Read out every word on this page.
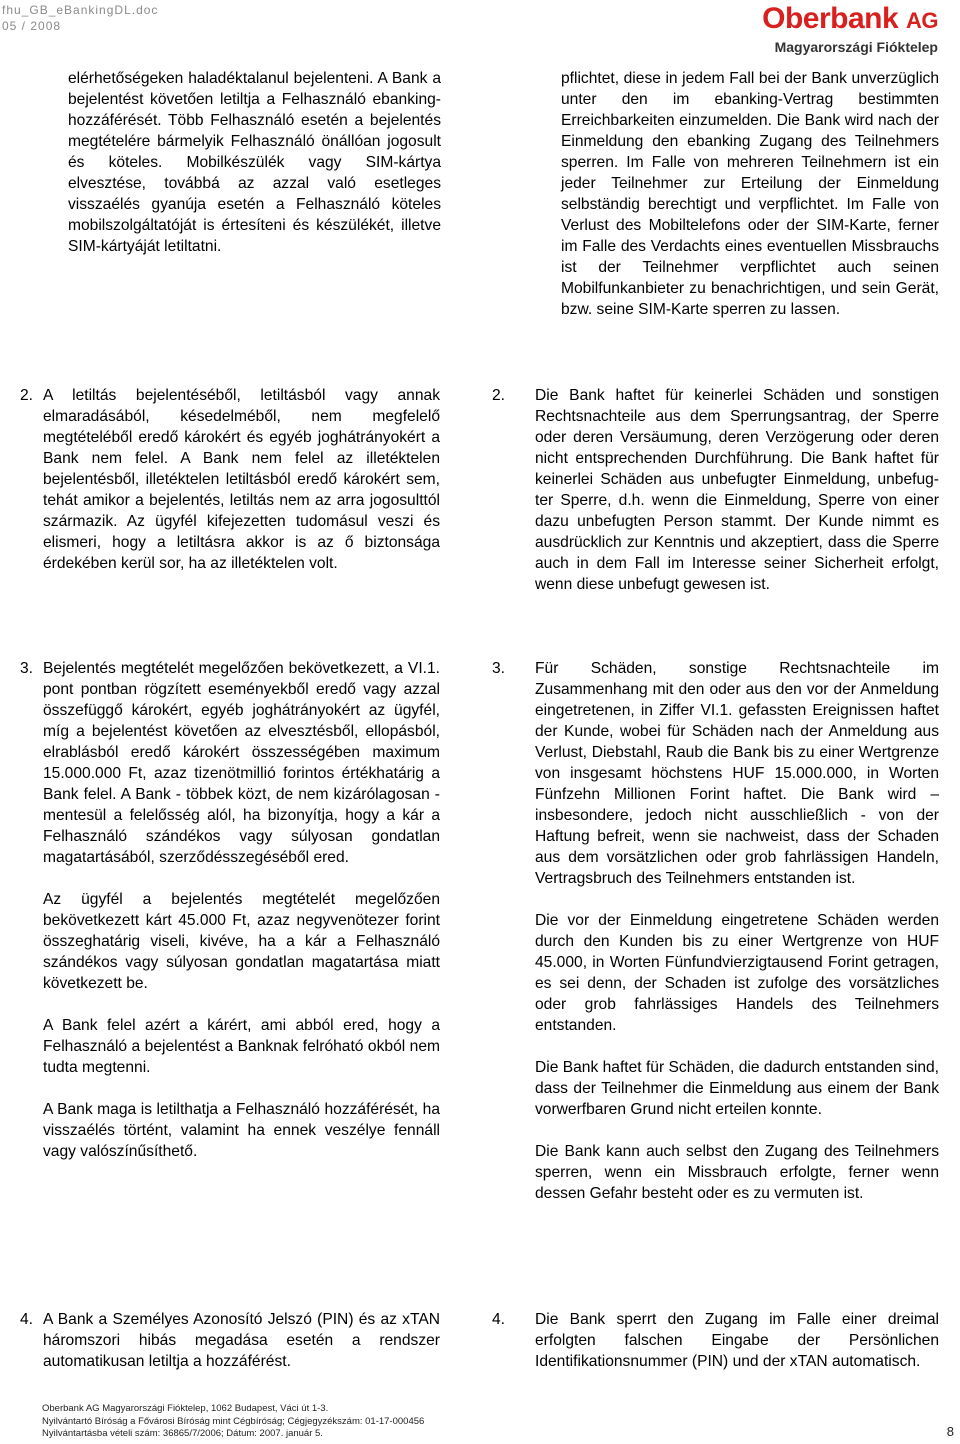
fhu_GB_eBankingDL.doc
05 / 2008	Oberbank AG
Magyarországi Fióktelep

elérhetőségeken haladéktalanul bejelenteni. A Bank a bejelentést követően letiltja a Felhasználó ebanking-hozzáférését. Több Felhasználó esetén a bejelentés megtételére bármelyik Felhasználó önállóan jogosult és köteles. Mobilkészülék vagy SIM-kártya elvesztése, továbbá az azzal való esetleges visszaélés gyanúja esetén a Felhasználó köteles mobilszolgáltatóját is értesíteni és készülékét, illetve SIM-kártyáját letiltatni.

pflichtet, diese in jedem Fall bei der Bank unverzüglich unter den im ebanking-Vertrag bestimmten Erreichbarkeiten einzumelden. Die Bank wird nach der Einmeldung den ebanking Zugang des Teilnehmers sperren. Im Falle von mehreren Teilnehmern ist ein jeder Teilnehmer zur Erteilung der Einmeldung selbständig berechtigt und verpflichtet. Im Falle von Verlust des Mobiltelefons oder der SIM-Karte, ferner im Falle des Verdachts eines eventuellen Missbrauchs ist der Teilnehmer verpflichtet auch seinen Mobilfunkanbieter zu benachrichtigen, und sein Gerät, bzw. seine SIM-Karte sperren zu lassen.

2. A letiltás bejelentéséből, letiltásból vagy annak elmaradásából, késedelméből, nem megfelelő megtételéből eredő károkért és egyéb joghátrányokért a Bank nem felel. A Bank nem felel az illetéktelen bejelentésből, illetéktelen letiltásból eredő károkért sem, tehát amikor a bejelentés, letiltás nem az arra jogosulttól származik. Az ügyfél kifejezetten tudomásul veszi és elismeri, hogy a letiltásra akkor is az ő biztonsága érdekében kerül sor, ha az illetéktelen volt.

2. Die Bank haftet für keinerlei Schäden und sonstigen Rechtsnachteile aus dem Sperrungsantrag, der Sperre oder deren Versäumung, deren Verzögerung oder deren nicht entsprechenden Durchführung. Die Bank haftet für keinerlei Schäden aus unbefugter Einmeldung, unbefug-ter Sperre, d.h. wenn die Einmeldung, Sperre von einer dazu unbefugten Person stammt. Der Kunde nimmt es ausdrücklich zur Kenntnis und akzeptiert, dass die Sperre auch in dem Fall im Interesse seiner Sicherheit erfolgt, wenn diese unbefugt gewesen ist.

3. Bejelentés megtételét megelőzően bekövetkezett, a VI.1. pont pontban rögzített eseményekből eredő vagy azzal összefüggő károkért, egyéb joghátrányokért az ügyfél, míg a bejelentést követően az elvesztésből, ellopásból, elrablásból eredő károkért összességében maximum 15.000.000 Ft, azaz tizenötmillió forintos értékhatárig a Bank felel. A Bank - többek közt, de nem kizárólagosan - mentesül a felelősség alól, ha bizonyítja, hogy a kár a Felhasználó szándékos vagy súlyosan gondatlan magatartásából, szerződésszegéséből ered.

Az ügyfél a bejelentés megtételét megelőzően bekövetkezett kárt 45.000 Ft, azaz negyvenötezer forint összeghatárig viseli, kivéve, ha a kár a Felhasználó szándékos vagy súlyosan gondatlan magatartása miatt következett be.

A Bank felel azért a kárért, ami abból ered, hogy a Felhasználó a bejelentést a Banknak felróható okból nem tudta megtenni.

A Bank maga is letilthatja a Felhasználó hozzáférését, ha visszaélés történt, valamint ha ennek veszélye fennáll vagy valószínűsíthető.

3. Für Schäden, sonstige Rechtsnachteile im Zusammenhang mit den oder aus den vor der Anmeldung eingetretenen, in Ziffer VI.1. gefassten Ereignissen haftet der Kunde, wobei für Schäden nach der Anmeldung aus Verlust, Diebstahl, Raub die Bank bis zu einer Wertgrenze von insgesamt höchstens HUF 15.000.000, in Worten Fünfzehn Millionen Forint haftet. Die Bank wird – insbesondere, jedoch nicht ausschließlich - von der Haftung befreit, wenn sie nachweist, dass der Schaden aus dem vorsätzlichen oder grob fahrlässigen Handeln, Vertragsbruch des Teilnehmers entstanden ist.

Die vor der Einmeldung eingetretene Schäden werden durch den Kunden bis zu einer Wertgrenze von HUF 45.000, in Worten Fünfundvierzigtausend Forint getragen, es sei denn, der Schaden ist zufolge des vorsätzliches oder grob fahrlässiges Handels des Teilnehmers entstanden.

Die Bank haftet für Schäden, die dadurch entstanden sind, dass der Teilnehmer die Einmeldung aus einem der Bank vorwerfbaren Grund nicht erteilen konnte.

Die Bank kann auch selbst den Zugang des Teilnehmers sperren, wenn ein Missbrauch erfolgte, ferner wenn dessen Gefahr besteht oder es zu vermuten ist.

4. A Bank a Személyes Azonosító Jelszó (PIN) és az xTAN háromszori hibás megadása esetén a rendszer automatikusan letiltja a hozzáférést.

4. Die Bank sperrt den Zugang im Falle einer dreimal erfolgten falschen Eingabe der Persönlichen Identifikationsnummer (PIN) und der xTAN automatisch.

Oberbank AG Magyarországi Fióktelep, 1062 Budapest, Váci út 1-3.
Nyilvántartó Bíróság a Fővárosi Bíróság mint Cégbíróság; Cégjegyzékszám: 01-17-000456
Nyilvántartásba vételi szám: 36865/7/2006; Dátum: 2007. január 5.	8
